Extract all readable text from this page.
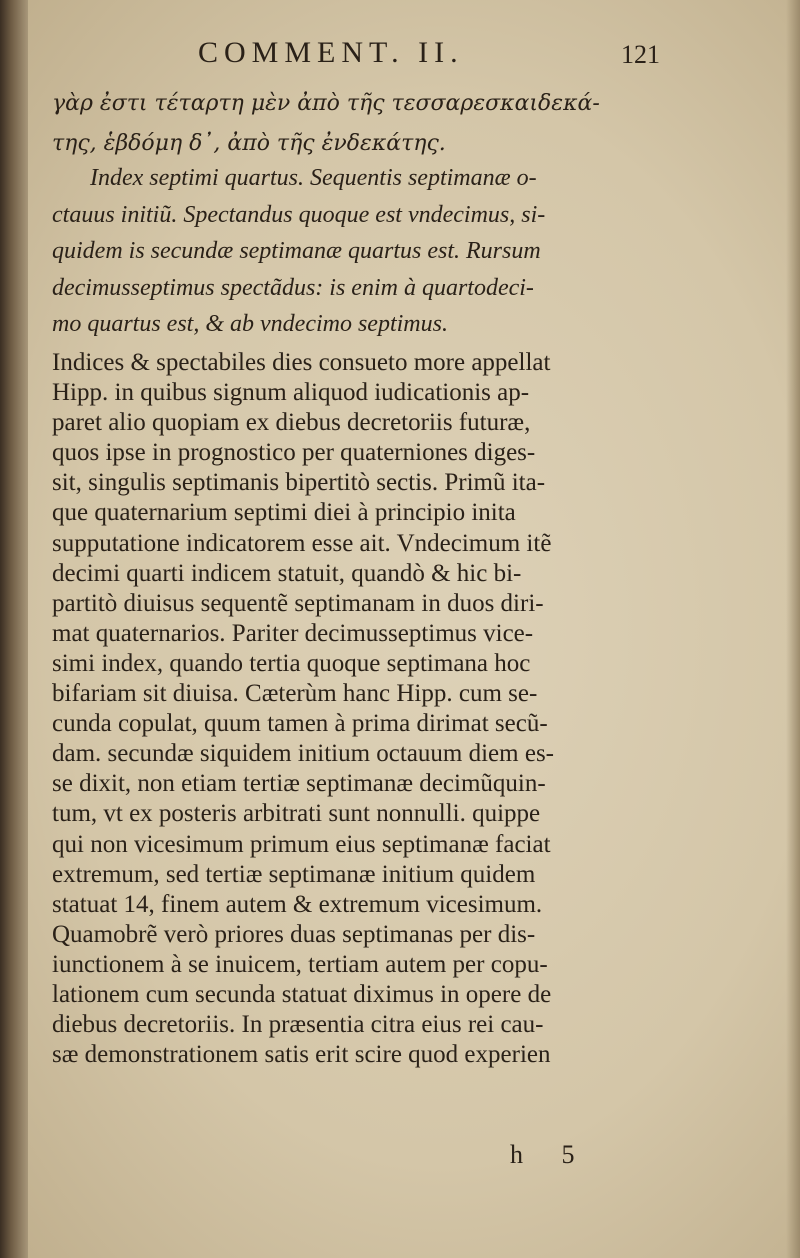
COMMENT. II.	121
γὰρ ἐστι τέταρτη μὲν ἀπὸ τῆς τεσσαρεσκαιδεκά-
της, ἑβδόμη δ᾽, ἀπὸ τῆς ἐνδεκάτης.
Index septimi quartus. Sequentis septimanæ o-
ctauus initiũ. Spectandus quoque est vndecimus, si-
quidem is secundæ septimanæ quartus est. Rursum
decimusseptimus spectãdus: is enim à quartodeci-
mo quartus est, & ab vndecimo septimus.
Indices & spectabiles dies consueto more appellat
Hipp. in quibus signum aliquod iudicationis ap-
paret alio quopiam ex diebus decretoriis futuræ,
quos ipse in prognostico per quaterniones diges-
sit, singulis septimanis bipertitò sectis. Primũ ita-
que quaternarium septimi diei à principio inita
supputatione indicatorem esse ait. Vndecimum itẽ
decimi quarti indicem statuit, quandò & hic bi-
partitò diuisus sequentẽ septimanam in duos diri-
mat quaternarios. Pariter decimusseptimus vice-
simi index, quando tertia quoque septimana hoc
bifariam sit diuisa. Cæterùm hanc Hipp. cum se-
cunda copulat, quum tamen à prima dirimat secũ-
dam. secundæ siquidem initium octauum diem es-
se dixit, non etiam tertiæ septimanæ decimũquin-
tum, vt ex posteris arbitrati sunt nonnulli. quippe
qui non vicesimum primum eius septimanæ faciat
extremum, sed tertiæ septimanæ initium quidem
statuat 14, finem autem & extremum vicesimum.
Quamobrẽ verò priores duas septimanas per dis-
iunctionem à se inuicem, tertiam autem per copu-
lationem cum secunda statuat diximus in opere de
diebus decretoriis. In præsentia citra eius rei cau-
sæ demonstrationem satis erit scire quod experien
h 5
